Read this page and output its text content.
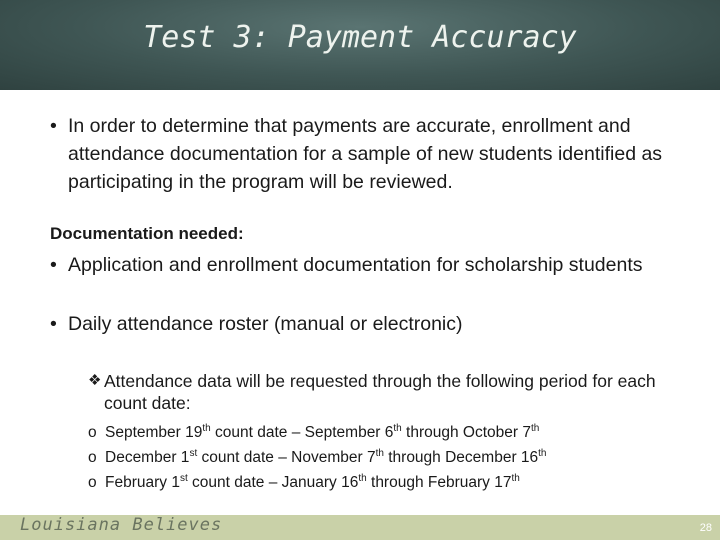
Test 3: Payment Accuracy
• In order to determine that payments are accurate, enrollment and attendance documentation for a sample of new students identified as participating in the program will be reviewed.
Documentation needed:
• Application and enrollment documentation for scholarship students
• Daily attendance roster (manual or electronic)
❖ Attendance data will be requested through the following period for each count date:
o September 19th count date – September 6th through October 7th
o December 1st count date – November 7th through December 16th
o February 1st count date – January 16th through February 17th
Louisiana Believes	28
